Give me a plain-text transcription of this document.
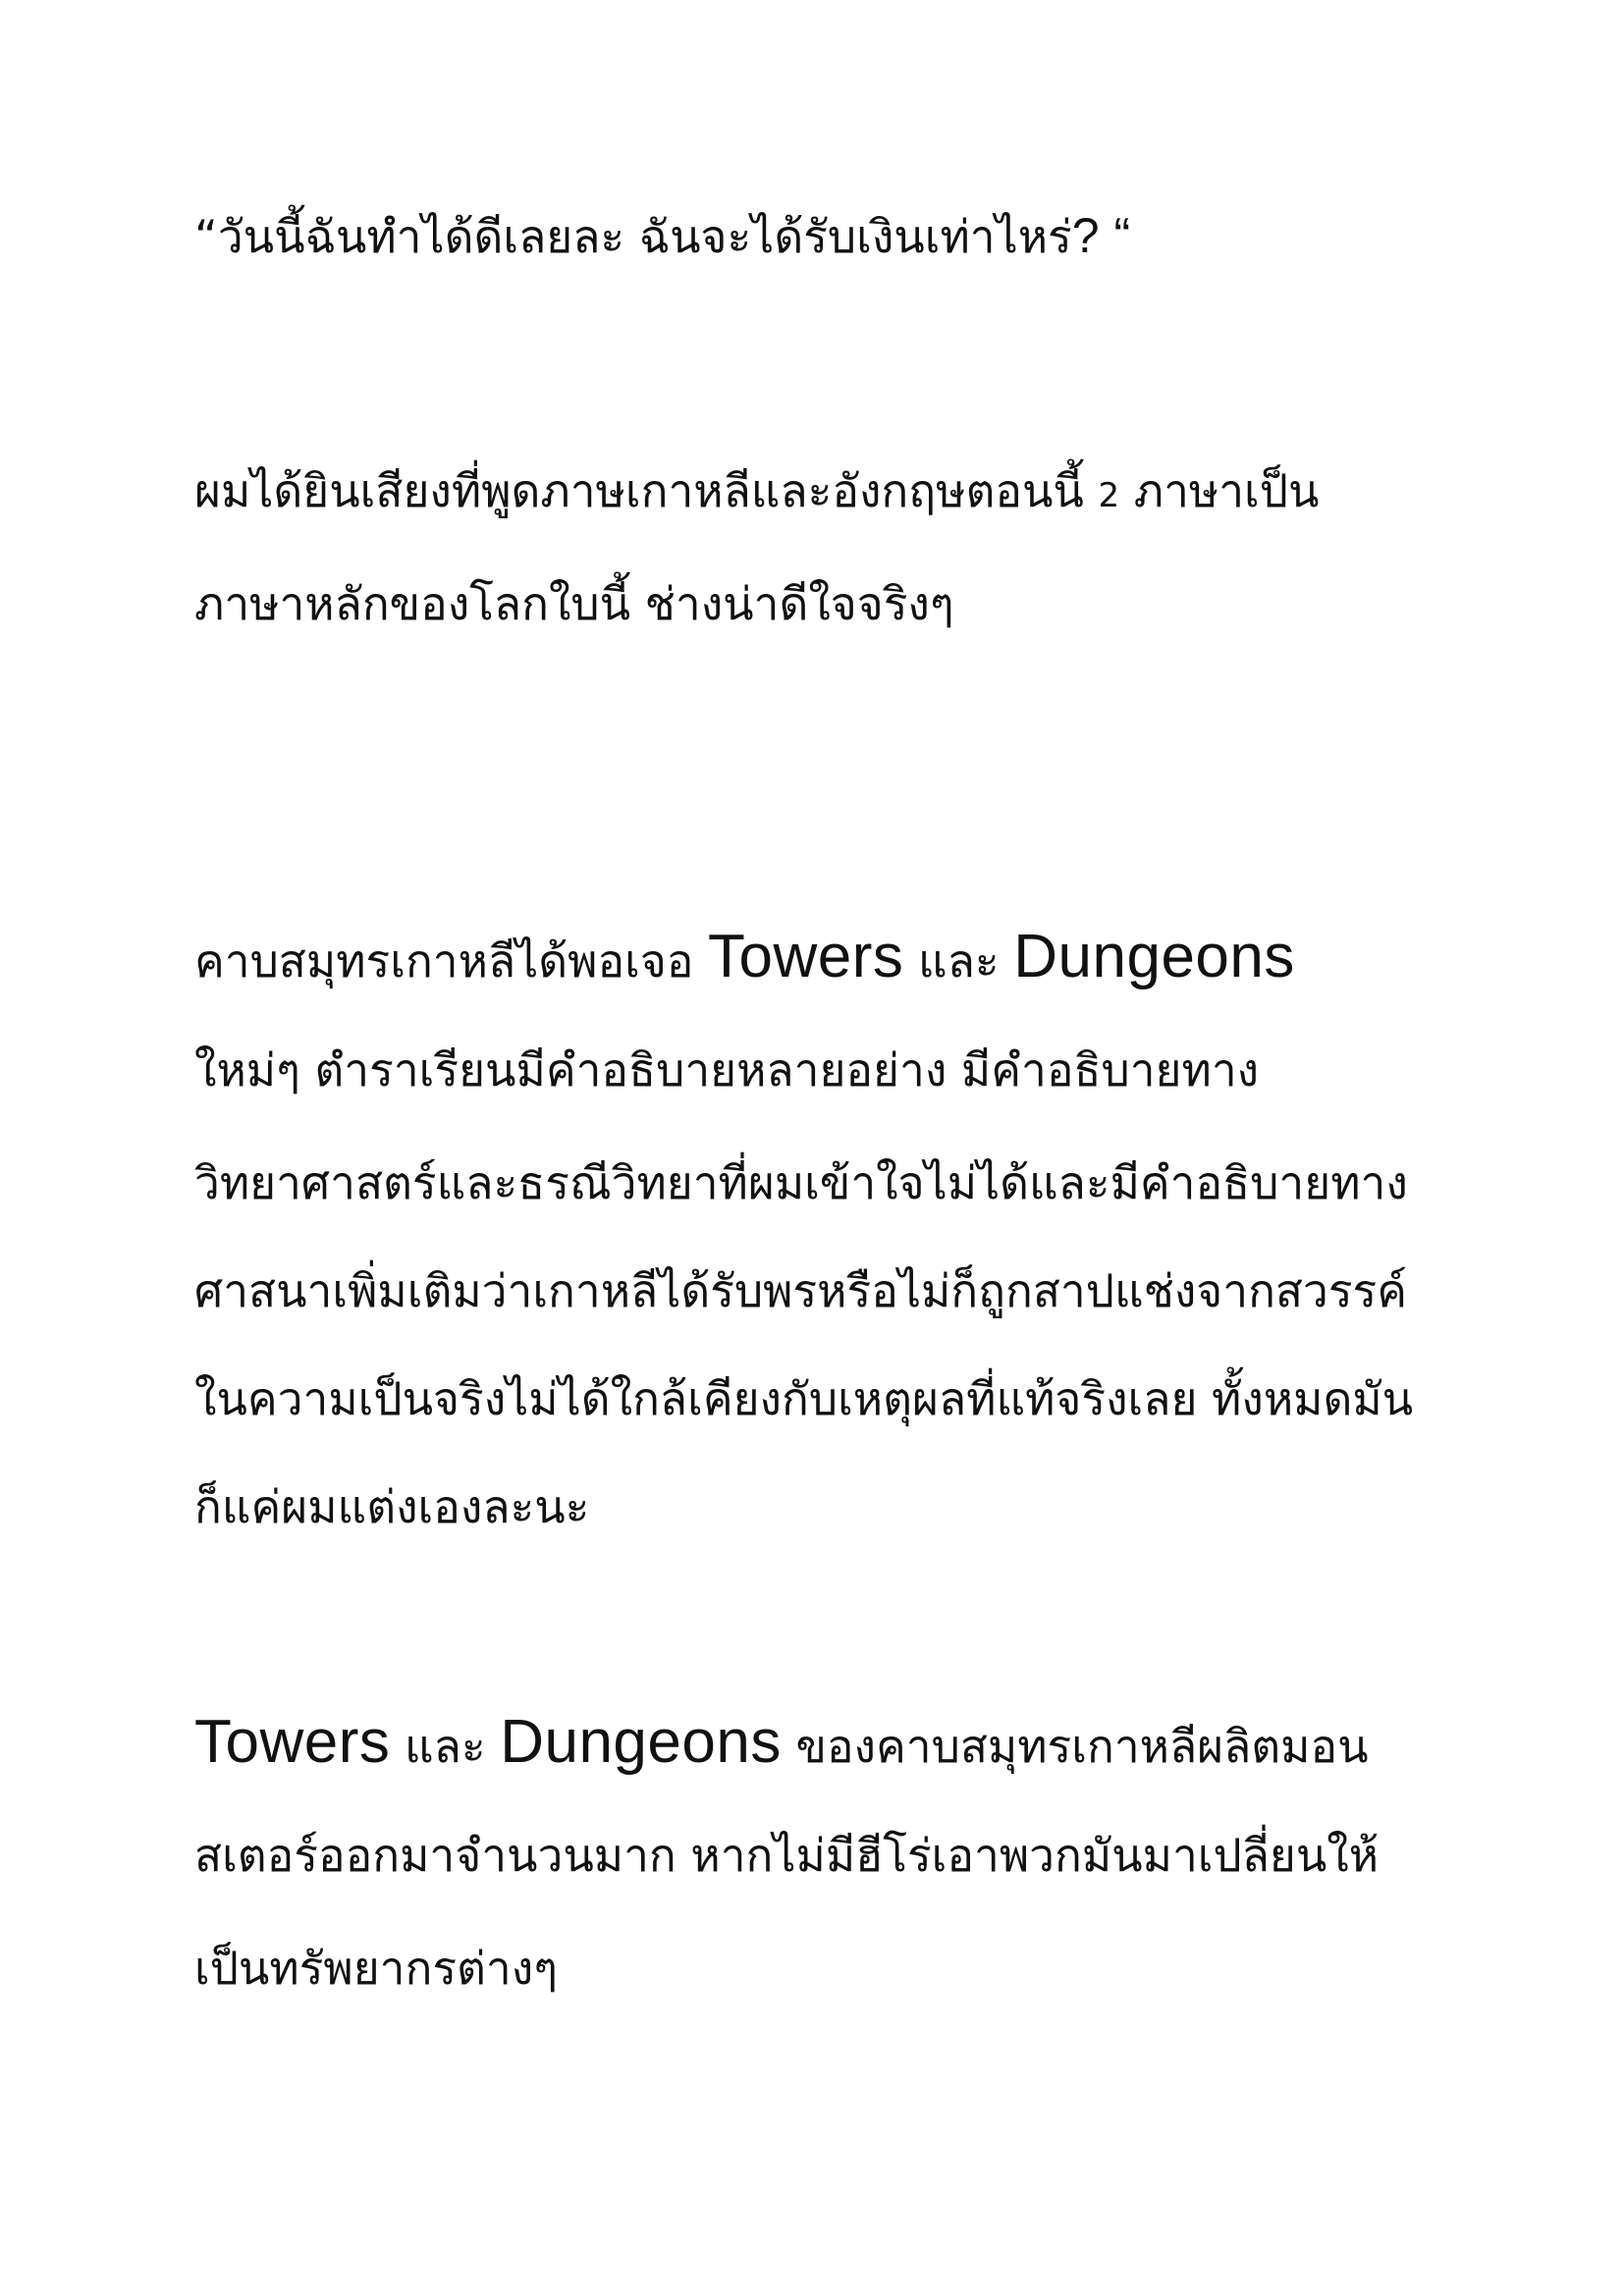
“วันนี้ฉันทำได้ดีเลยละ ฉันจะได้รับเงินเท่าไหร่? “
ผมได้ยินเสียงที่พูดภาษเกาหลีและอังกฤษตอนนี้ 2 ภาษาเป็น
ภาษาหลักของโลกใบนี้ ช่างน่าดีใจจริงๆ
คาบสมุทรเกาหลีได้พอเจอ Towers และ Dungeons
ใหม่ๆ ตำราเรียนมีคำอธิบายหลายอย่าง มีคำอธิบายทาง
วิทยาศาสตร์และธรณีวิทยาที่ผมเข้าใจไม่ได้และมีคำอธิบายทาง
ศาสนาเพิ่มเติมว่าเกาหลีได้รับพรหรือไม่ก็ถูกสาปแช่งจากสวรรค์
ในความเป็นจริงไม่ได้ใกล้เคียงกับเหตุผลที่แท้จริงเลย ทั้งหมดมัน
ก็แค่ผมแต่งเองละนะ
Towers และ Dungeons ของคาบสมุทรเกาหลีผลิตมอน
สเตอร์ออกมาจำนวนมาก หากไม่มีฮีโร่เอาพวกมันมาเปลี่ยนให้
เป็นทรัพยากรต่างๆ
